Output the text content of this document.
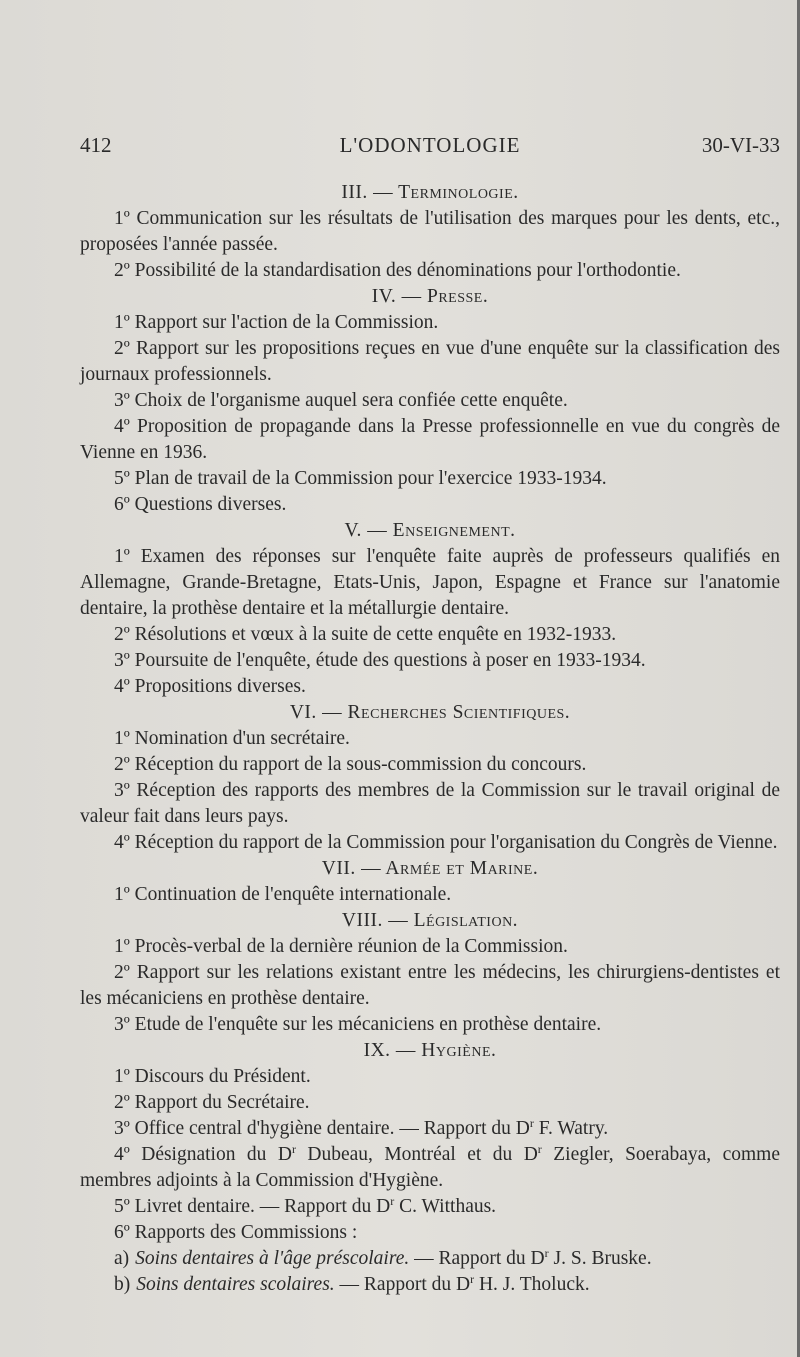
412	L'ODONTOLOGIE	30-VI-33

III. — Terminologie.

1º Communication sur les résultats de l'utilisation des marques pour les dents, etc., proposées l'année passée.

2º Possibilité de la standardisation des dénominations pour l'orthodontie.

IV. — Presse.

1º Rapport sur l'action de la Commission.

2º Rapport sur les propositions reçues en vue d'une enquête sur la classification des journaux professionnels.

3º Choix de l'organisme auquel sera confiée cette enquête.

4º Proposition de propagande dans la Presse professionnelle en vue du congrès de Vienne en 1936.

5º Plan de travail de la Commission pour l'exercice 1933-1934.

6º Questions diverses.

V. — Enseignement.

1º Examen des réponses sur l'enquête faite auprès de professeurs qualifiés en Allemagne, Grande-Bretagne, Etats-Unis, Japon, Espagne et France sur l'anatomie dentaire, la prothèse dentaire et la métallurgie dentaire.

2º Résolutions et vœux à la suite de cette enquête en 1932-1933.

3º Poursuite de l'enquête, étude des questions à poser en 1933-1934.

4º Propositions diverses.

VI. — Recherches Scientifiques.

1º Nomination d'un secrétaire.

2º Réception du rapport de la sous-commission du concours.

3º Réception des rapports des membres de la Commission sur le travail original de valeur fait dans leurs pays.

4º Réception du rapport de la Commission pour l'organisation du Congrès de Vienne.

VII. — Armée et Marine.

1º Continuation de l'enquête internationale.

VIII. — Législation.

1º Procès-verbal de la dernière réunion de la Commission.

2º Rapport sur les relations existant entre les médecins, les chirurgiens-dentistes et les mécaniciens en prothèse dentaire.

3º Etude de l'enquête sur les mécaniciens en prothèse dentaire.

IX. — Hygiène.

1º Discours du Président.

2º Rapport du Secrétaire.

3º Office central d'hygiène dentaire. — Rapport du $D^r$ F. Watry.

4º Désignation du $D^r$ Dubeau, Montréal et du $D^r$ Ziegler, Soerabaya, comme membres adjoints à la Commission d'Hygiène.

5º Livret dentaire. — Rapport du $D^r$ C. Witthaus.

6º Rapports des Commissions :

a) Soins dentaires à l'âge préscolaire. — Rapport du $D^r$ J. S. Bruske.

b) Soins dentaires scolaires. — Rapport du $D^r$ H. J. Tholuck.
